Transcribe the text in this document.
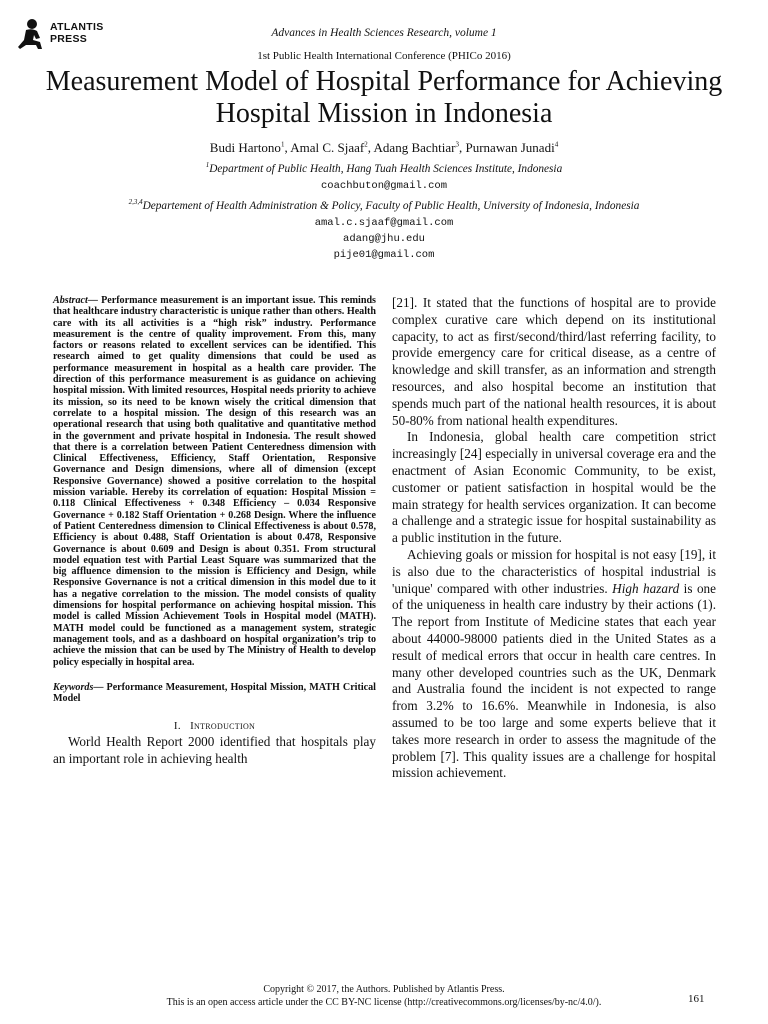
ATLANTIS
PRESS	Advances in Health Sciences Research, volume 1
1st Public Health International Conference (PHICo 2016)
Measurement Model of Hospital Performance for Achieving Hospital Mission in Indonesia
Budi Hartono$^1$, Amal C. Sjaaf$^2$, Adang Bachtiar$^3$, Purnawan Junadi$^4$
$^1$Department of Public Health, Hang Tuah Health Sciences Institute, Indonesia
coachbuton@gmail.com
$^{2,3,4}$Departement of Health Administration & Policy, Faculty of Public Health, University of Indonesia, Indonesia
amal.c.sjaaf@gmail.com
adang@jhu.edu
pije01@gmail.com

Abstract— Performance measurement is an important issue. This reminds that healthcare industry characteristic is unique rather than others. Health care with its all activities is a “high risk” industry. Performance measurement is the centre of quality improvement. From this, many factors or reasons related to excellent services can be identified. This research aimed to get quality dimensions that could be used as performance measurement in hospital as a health care provider. The direction of this performance measurement is as guidance on achieving hospital mission. With limited resources, Hospital needs priority to achieve its mission, so its need to be known wisely the critical dimension that correlate to a hospital mission. The design of this research was an operational research that using both qualitative and quantitative method in the government and private hospital in Indonesia. The result showed that there is a correlation between Patient Centeredness dimension with Clinical Effectiveness, Efficiency, Staff Orientation, Responsive Governance and Design dimensions, where all of dimension (except Responsive Governance) showed a positive correlation to the hospital mission variable. Hereby its correlation of equation: Hospital Mission = 0.118 Clinical Effectiveness + 0.348 Efficiency – 0.034 Responsive Governance + 0.182 Staff Orientation + 0.268 Design. Where the influence of Patient Centeredness dimension to Clinical Effectiveness is about 0.578, Efficiency is about 0.488, Staff Orientation is about 0.478, Responsive Governance is about 0.609 and Design is about 0.351. From structural model equation test with Partial Least Square was summarized that the big affluence dimension to the mission is Efficiency and Design, while Responsive Governance is not a critical dimension in this model due to it has a negative correlation to the mission. The model consists of quality dimensions for hospital performance on achieving hospital mission. This model is called Mission Achievement Tools in Hospital model (MATH). MATH model could be functioned as a management system, strategic management tools, and as a dashboard on hospital organization’s trip to achieve the mission that can be used by The Ministry of Health to develop policy especially in hospital area.

Keywords— Performance Measurement, Hospital Mission, MATH Critical Model

I. Introduction

World Health Report 2000 identified that hospitals play an important role in achieving health

[21]. It stated that the functions of hospital are to provide complex curative care which depend on its institutional capacity, to act as first/second/third/last referring facility, to provide emergency care for critical disease, as a centre of knowledge and skill transfer, as an information and strength resources, and also hospital become an institution that spends much part of the national health resources, it is about 50-80% from national health expenditures.

In Indonesia, global health care competition strict increasingly [24] especially in universal coverage era and the enactment of Asian Economic Community, to be exist, customer or patient satisfaction in hospital would be the main strategy for health services organization. It can become a challenge and a strategic issue for hospital sustainability as a public institution in the future.

Achieving goals or mission for hospital is not easy [19], it is also due to the characteristics of hospital industrial is 'unique' compared with other industries. High hazard is one of the uniqueness in health care industry by their actions (1). The report from Institute of Medicine states that each year about 44000-98000 patients died in the United States as a result of medical errors that occur in health care centres. In many other developed countries such as the UK, Denmark and Australia found the incident is not expected to range from 3.2% to 16.6%. Meanwhile in Indonesia, is also assumed to be too large and some experts believe that it takes more research in order to assess the magnitude of the problem [7]. This quality issues are a challenge for hospital mission achievement.

Copyright © 2017, the Authors. Published by Atlantis Press.
This is an open access article under the CC BY-NC license (http://creativecommons.org/licenses/by-nc/4.0/).	161
